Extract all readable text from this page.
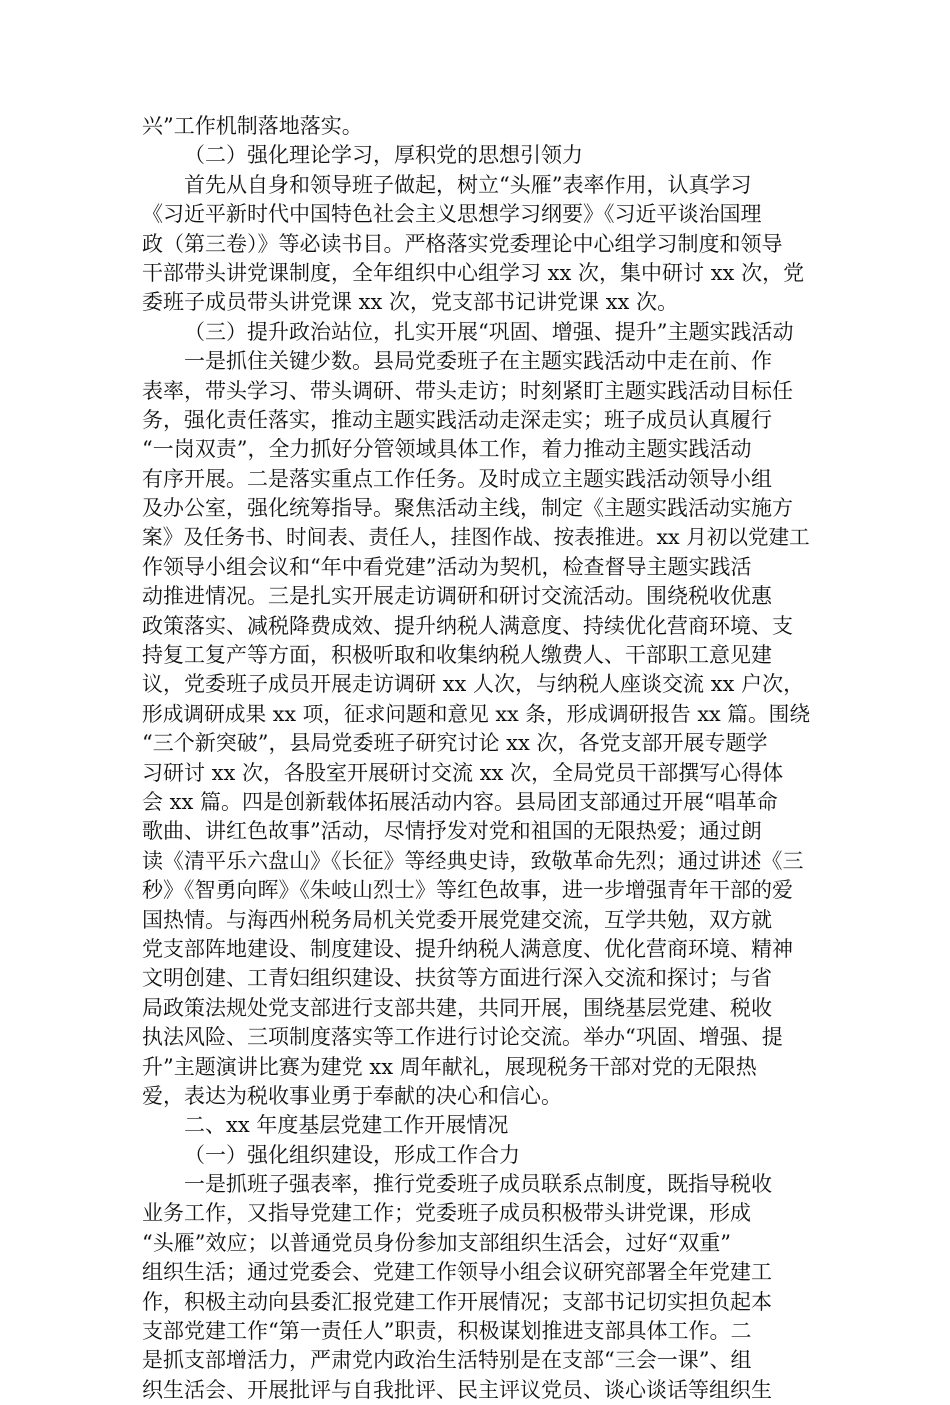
兴”工作机制落地落实。
（二）强化理论学习，厚积党的思想引领力
首先从自身和领导班子做起，树立“头雁”表率作用，认真学习
《习近平新时代中国特色社会主义思想学习纲要》《习近平谈治国理
政（第三卷）》等必读书目。严格落实党委理论中心组学习制度和领导
干部带头讲党课制度，全年组织中心组学习 xx 次，集中研讨 xx 次，党
委班子成员带头讲党课 xx 次，党支部书记讲党课 xx 次。
（三）提升政治站位，扎实开展“巩固、增强、提升”主题实践活动
一是抓住关键少数。县局党委班子在主题实践活动中走在前、作
表率，带头学习、带头调研、带头走访；时刻紧盯主题实践活动目标任
务，强化责任落实，推动主题实践活动走深走实；班子成员认真履行
“一岗双责”，全力抓好分管领域具体工作，着力推动主题实践活动
有序开展。二是落实重点工作任务。及时成立主题实践活动领导小组
及办公室，强化统筹指导。聚焦活动主线，制定《主题实践活动实施方
案》及任务书、时间表、责任人，挂图作战、按表推进。xx 月初以党建工
作领导小组会议和“年中看党建”活动为契机，检查督导主题实践活
动推进情况。三是扎实开展走访调研和研讨交流活动。围绕税收优惠
政策落实、减税降费成效、提升纳税人满意度、持续优化营商环境、支
持复工复产等方面，积极听取和收集纳税人缴费人、干部职工意见建
议，党委班子成员开展走访调研 xx 人次，与纳税人座谈交流 xx 户次，
形成调研成果 xx 项，征求问题和意见 xx 条，形成调研报告 xx 篇。围绕
“三个新突破”，县局党委班子研究讨论 xx 次，各党支部开展专题学
习研讨 xx 次，各股室开展研讨交流 xx 次，全局党员干部撰写心得体
会 xx 篇。四是创新载体拓展活动内容。县局团支部通过开展“唱革命
歌曲、讲红色故事”活动，尽情抒发对党和祖国的无限热爱；通过朗
读《清平乐六盘山》《长征》等经典史诗，致敬革命先烈；通过讲述《三
秒》《智勇向晖》《朱岐山烈士》等红色故事，进一步增强青年干部的爱
国热情。与海西州税务局机关党委开展党建交流，互学共勉，双方就
党支部阵地建设、制度建设、提升纳税人满意度、优化营商环境、精神
文明创建、工青妇组织建设、扶贫等方面进行深入交流和探讨；与省
局政策法规处党支部进行支部共建，共同开展，围绕基层党建、税收
执法风险、三项制度落实等工作进行讨论交流。举办“巩固、增强、提
升”主题演讲比赛为建党 xx 周年献礼，展现税务干部对党的无限热
爱，表达为税收事业勇于奉献的决心和信心。
二、xx 年度基层党建工作开展情况
（一）强化组织建设，形成工作合力
一是抓班子强表率，推行党委班子成员联系点制度，既指导税收
业务工作，又指导党建工作；党委班子成员积极带头讲党课，形成
“头雁”效应；以普通党员身份参加支部组织生活会，过好“双重”
组织生活；通过党委会、党建工作领导小组会议研究部署全年党建工
作，积极主动向县委汇报党建工作开展情况；支部书记切实担负起本
支部党建工作“第一责任人”职责，积极谋划推进支部具体工作。二
是抓支部增活力，严肃党内政治生活特别是在支部“三会一课”、组
织生活会、开展批评与自我批评、民主评议党员、谈心谈话等组织生
